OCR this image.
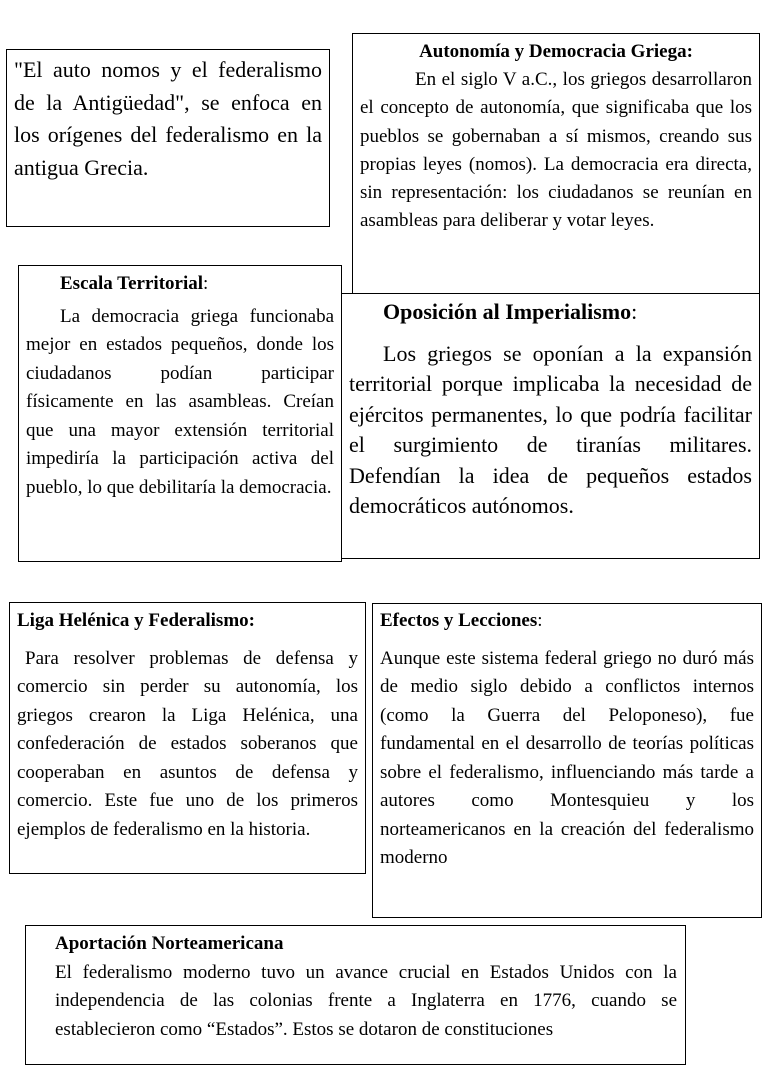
"El auto nomos y el federalismo de la Antigüedad", se enfoca en los orígenes del federalismo en la antigua Grecia.

Autonomía y Democracia Griega:

En el siglo V a.C., los griegos desarrollaron el concepto de autonomía, que significaba que los pueblos se gobernaban a sí mismos, creando sus propias leyes (nomos). La democracia era directa, sin representación: los ciudadanos se reunían en asambleas para deliberar y votar leyes.

Oposición al Imperialismo:

Los griegos se oponían a la expansión territorial porque implicaba la necesidad de ejércitos permanentes, lo que podría facilitar el surgimiento de tiranías militares. Defendían la idea de pequeños estados democráticos autónomos.

Escala Territorial:

La democracia griega funcionaba mejor en estados pequeños, donde los ciudadanos podían participar físicamente en las asambleas. Creían que una mayor extensión territorial impediría la participación activa del pueblo, lo que debilitaría la democracia.

Liga Helénica y Federalismo:

Para resolver problemas de defensa y comercio sin perder su autonomía, los griegos crearon la Liga Helénica, una confederación de estados soberanos que cooperaban en asuntos de defensa y comercio. Este fue uno de los primeros ejemplos de federalismo en la historia.

Efectos y Lecciones:

Aunque este sistema federal griego no duró más de medio siglo debido a conflictos internos (como la Guerra del Peloponeso), fue fundamental en el desarrollo de teorías políticas sobre el federalismo, influenciando más tarde a autores como Montesquieu y los norteamericanos en la creación del federalismo moderno

Aportación Norteamericana

El federalismo moderno tuvo un avance crucial en Estados Unidos con la independencia de las colonias frente a Inglaterra en 1776, cuando se establecieron como “Estados”. Estos se dotaron de constituciones
